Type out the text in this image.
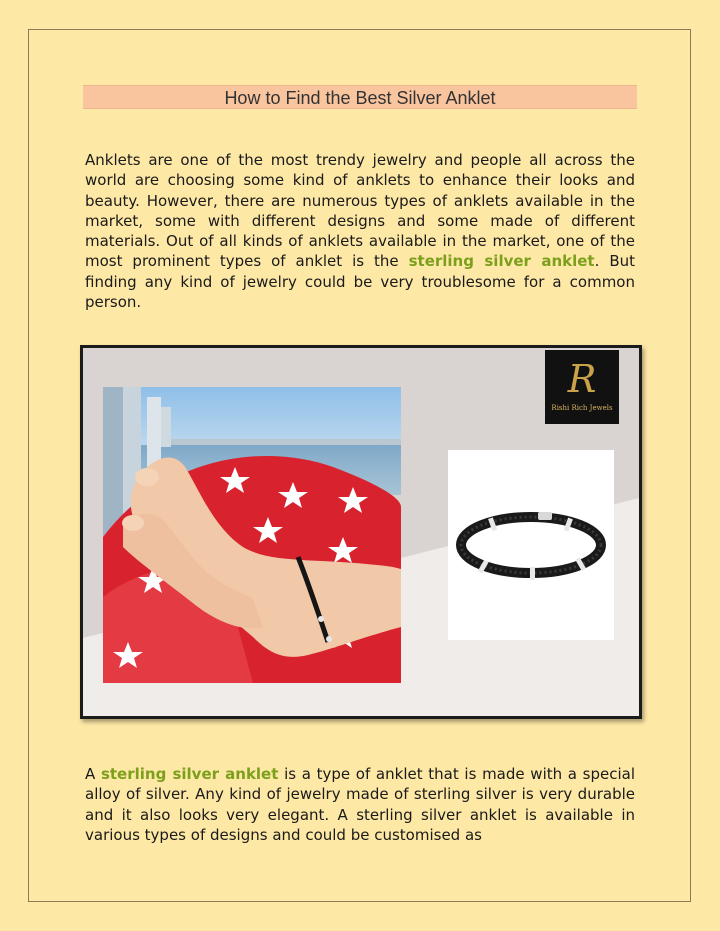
How to Find the Best Silver Anklet
Anklets are one of the most trendy jewelry and people all across the world are choosing some kind of anklets to enhance their looks and beauty. However, there are numerous types of anklets available in the market, some with different designs and some made of different materials. Out of all kinds of anklets available in the market, one of the most prominent types of anklet is the sterling silver anklet. But finding any kind of jewelry could be very troublesome for a common person.
R
Rishi Rich Jewels
A sterling silver anklet is a type of anklet that is made with a special alloy of silver. Any kind of jewelry made of sterling silver is very durable and it also looks very elegant. A sterling silver anklet is available in various types of designs and could be customised as
